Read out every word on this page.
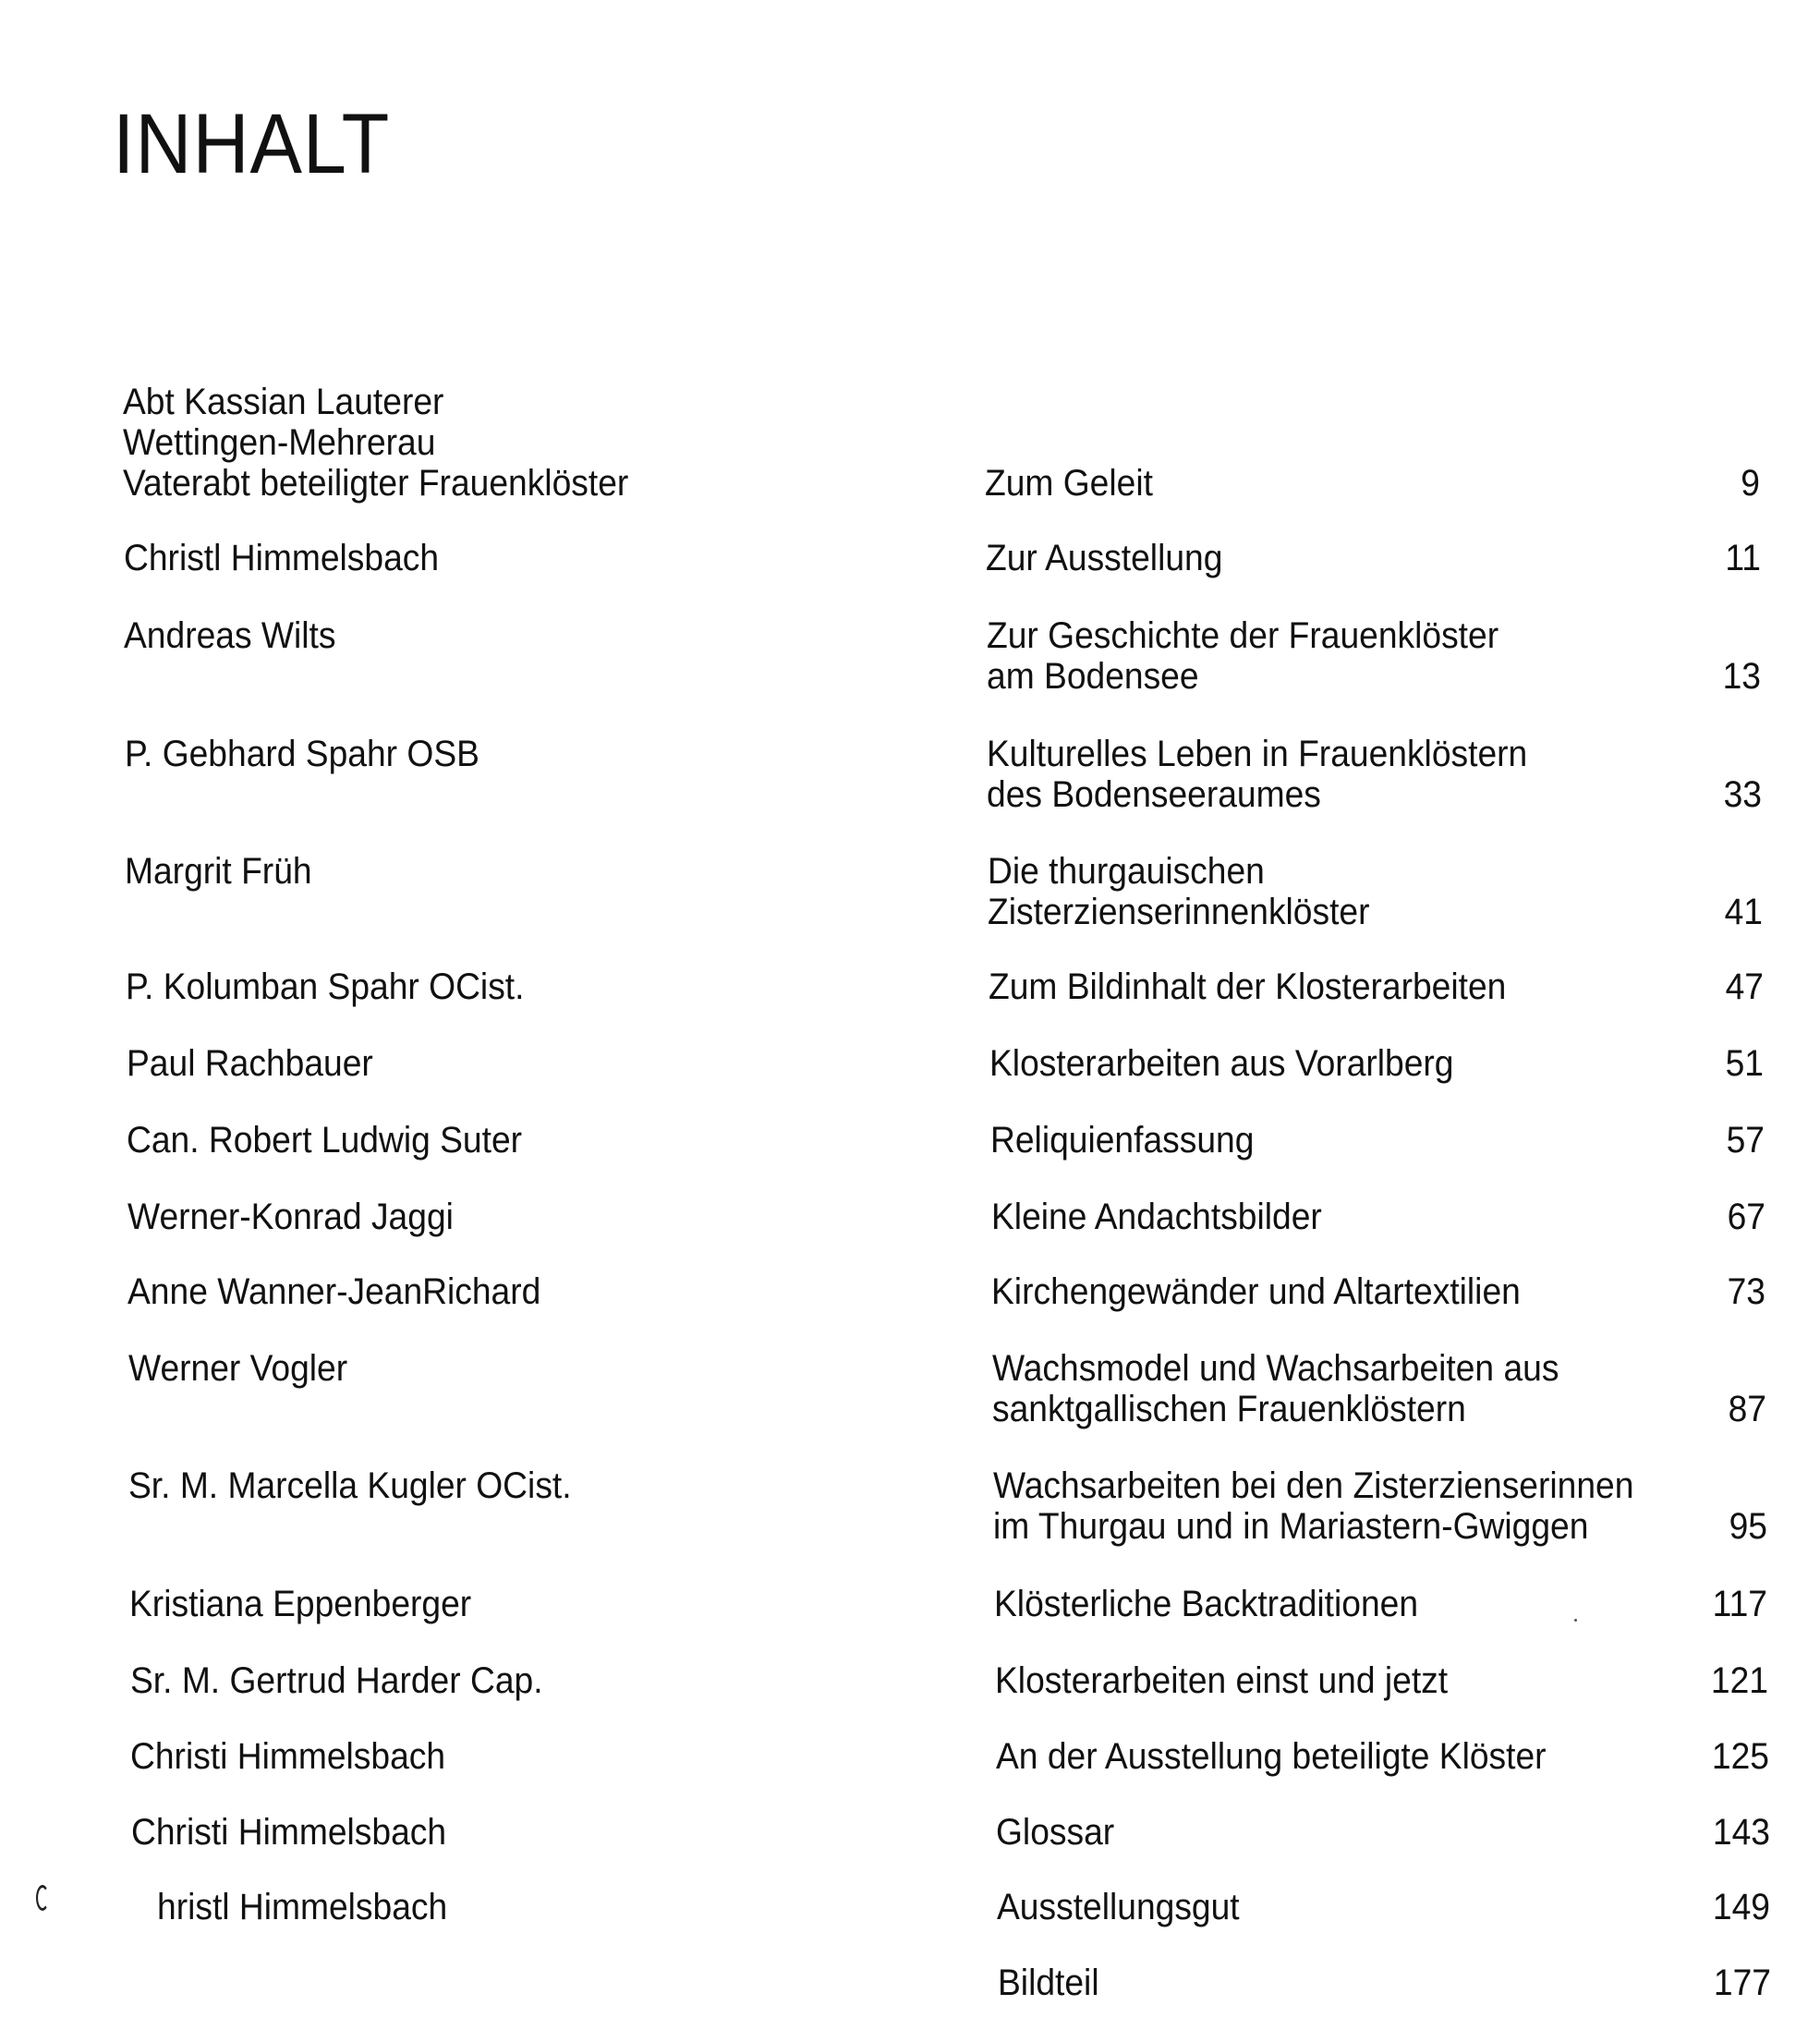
INHALT
Abt Kassian Lauterer
Wettingen-Mehrerau
Vaterabt beteiligter Frauenklöster	Zum Geleit	9
Christl Himmelsbach	Zur Ausstellung	11
Andreas Wilts	Zur Geschichte der Frauenklöster
am Bodensee	13
P. Gebhard Spahr OSB	Kulturelles Leben in Frauenklöstern
des Bodenseeraumes	33
Margrit Früh	Die thurgauischen
Zisterzienserinnenklöster	41
P. Kolumban Spahr OCist.	Zum Bildinhalt der Klosterarbeiten	47
Paul Rachbauer	Klosterarbeiten aus Vorarlberg	51
Can. Robert Ludwig Suter	Reliquienfassung	57
Werner-Konrad Jaggi	Kleine Andachtsbilder	67
Anne Wanner-JeanRichard	Kirchengewänder und Altartextilien	73
Werner Vogler	Wachsmodel und Wachsarbeiten aus
sanktgallischen Frauenklöstern	87
Sr. M. Marcella Kugler OCist.	Wachsarbeiten bei den Zisterzienserinnen
im Thurgau und in Mariastern-Gwiggen	95
Kristiana Eppenberger	Klösterliche Backtraditionen	117
Sr. M. Gertrud Harder Cap.	Klosterarbeiten einst und jetzt	121
Christi Himmelsbach	An der Ausstellung beteiligte Klöster	125
Christi Himmelsbach	Glossar	143
hristl Himmelsbach	Ausstellungsgut	149
Bildteil	177
